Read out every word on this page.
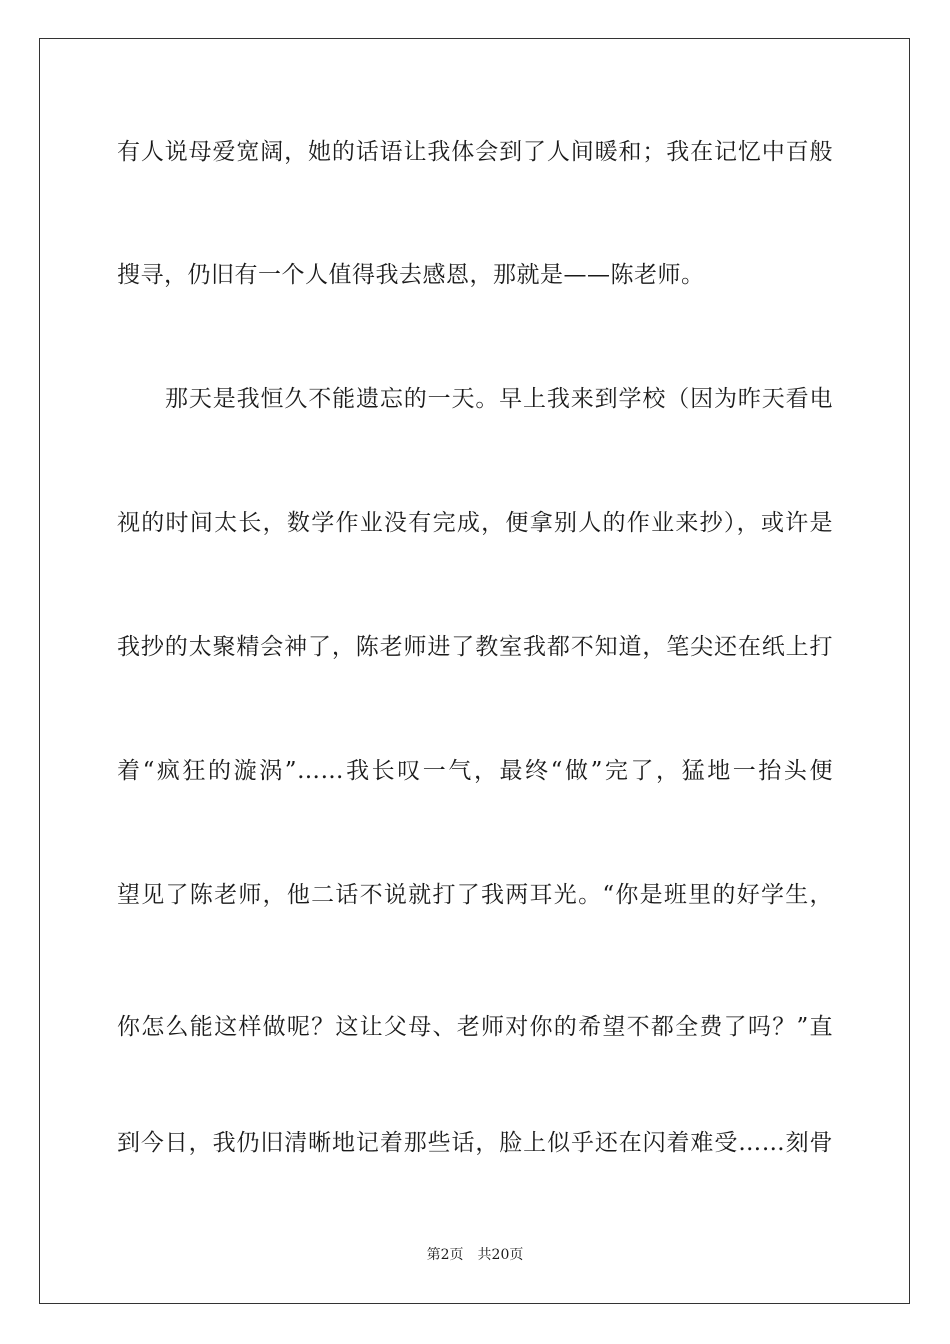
有人说母爱宽阔，她的话语让我体会到了人间暖和；我在记忆中百般
搜寻，仍旧有一个人值得我去感恩，那就是——陈老师。
那天是我恒久不能遗忘的一天。早上我来到学校（因为昨天看电
视的时间太长，数学作业没有完成，便拿别人的作业来抄），或许是
我抄的太聚精会神了，陈老师进了教室我都不知道，笔尖还在纸上打
着“疯狂的漩涡”……我长叹一气，最终“做”完了，猛地一抬头便
望见了陈老师，他二话不说就打了我两耳光。“你是班里的好学生，
你怎么能这样做呢？这让父母、老师对你的希望不都全费了吗？”直
到今日，我仍旧清晰地记着那些话，脸上似乎还在闪着难受……刻骨
第2页 共20页
